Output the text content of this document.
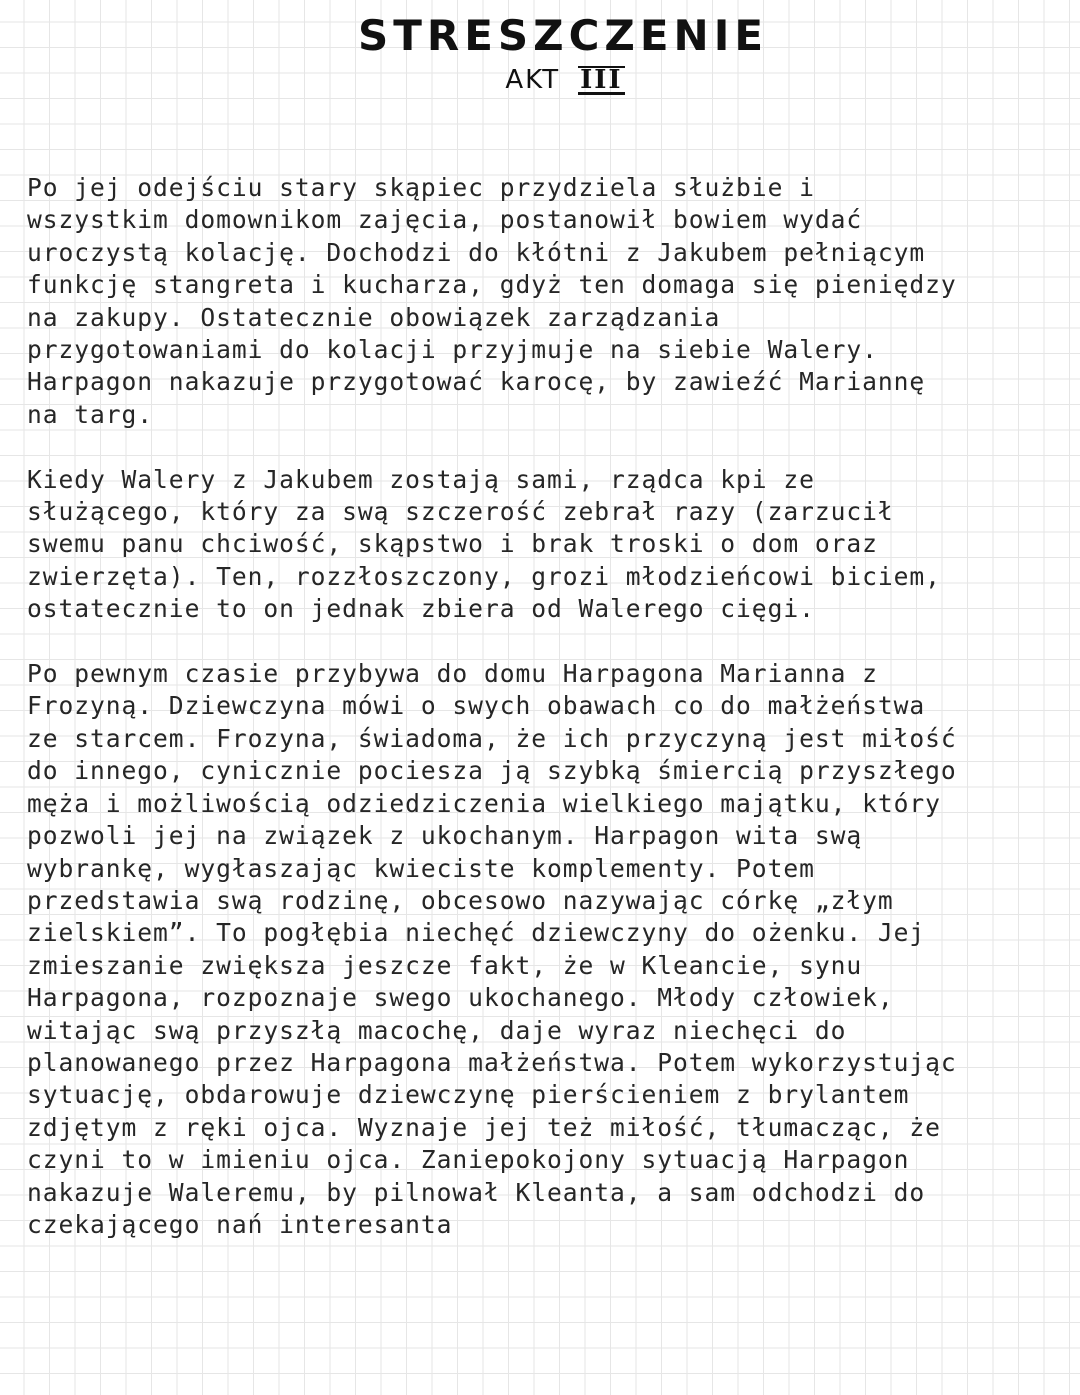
STRESZCZENIE
AKT III

Po jej odejściu stary skąpiec przydziela służbie i
wszystkim domownikom zajęcia, postanowił bowiem wydać
uroczystą kolację. Dochodzi do kłótni z Jakubem pełniącym
funkcję stangreta i kucharza, gdyż ten domaga się pieniędzy
na zakupy. Ostatecznie obowiązek zarządzania
przygotowaniami do kolacji przyjmuje na siebie Walery.
Harpagon nakazuje przygotować karocę, by zawieźć Mariannę
na targ.

Kiedy Walery z Jakubem zostają sami, rządca kpi ze
służącego, który za swą szczerość zebrał razy (zarzucił
swemu panu chciwość, skąpstwo i brak troski o dom oraz
zwierzęta). Ten, rozzłoszczony, grozi młodzieńcowi biciem,
ostatecznie to on jednak zbiera od Walerego cięgi.

Po pewnym czasie przybywa do domu Harpagona Marianna z
Frozyną. Dziewczyna mówi o swych obawach co do małżeństwa
ze starcem. Frozyna, świadoma, że ich przyczyną jest miłość
do innego, cynicznie pociesza ją szybką śmiercią przyszłego
męża i możliwością odziedziczenia wielkiego majątku, który
pozwoli jej na związek z ukochanym. Harpagon wita swą
wybrankę, wygłaszając kwieciste komplementy. Potem
przedstawia swą rodzinę, obcesowo nazywając córkę „złym
zielskiem”. To pogłębia niechęć dziewczyny do ożenku. Jej
zmieszanie zwiększa jeszcze fakt, że w Kleancie, synu
Harpagona, rozpoznaje swego ukochanego. Młody człowiek,
witając swą przyszłą macochę, daje wyraz niechęci do
planowanego przez Harpagona małżeństwa. Potem wykorzystując
sytuację, obdarowuje dziewczynę pierścieniem z brylantem
zdjętym z ręki ojca. Wyznaje jej też miłość, tłumacząc, że
czyni to w imieniu ojca. Zaniepokojony sytuacją Harpagon
nakazuje Waleremu, by pilnował Kleanta, a sam odchodzi do
czekającego nań interesanta
